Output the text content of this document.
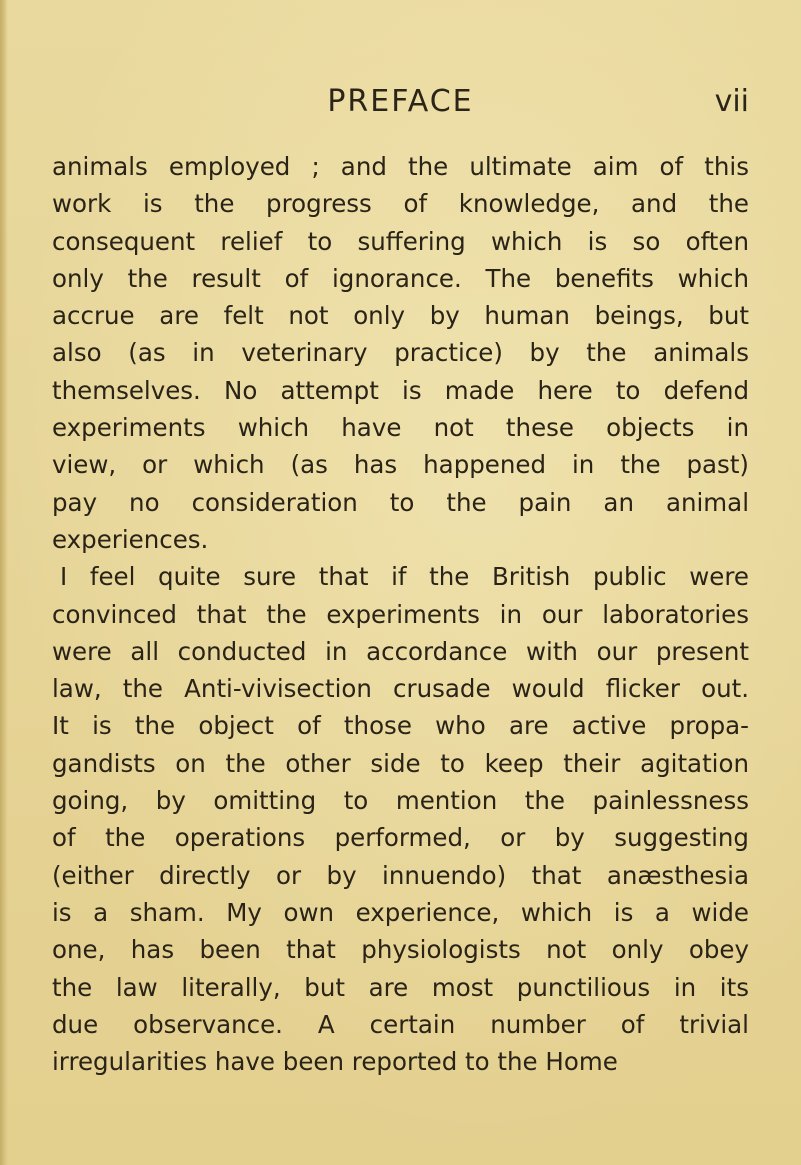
PREFACE	vii
animals employed ; and the ultimate aim of this
work is the progress of knowledge, and the
consequent relief to suffering which is so often
only the result of ignorance. The benefits which
accrue are felt not only by human beings, but
also (as in veterinary practice) by the animals
themselves. No attempt is made here to defend
experiments which have not these objects in
view, or which (as has happened in the past)
pay no consideration to the pain an animal
experiences.
I feel quite sure that if the British public were
convinced that the experiments in our laboratories
were all conducted in accordance with our present
law, the Anti-vivisection crusade would flicker out.
It is the object of those who are active propa-
gandists on the other side to keep their agitation
going, by omitting to mention the painlessness
of the operations performed, or by suggesting
(either directly or by innuendo) that anæsthesia
is a sham. My own experience, which is a wide
one, has been that physiologists not only obey
the law literally, but are most punctilious in its
due observance. A certain number of trivial
irregularities have been reported to the Home
